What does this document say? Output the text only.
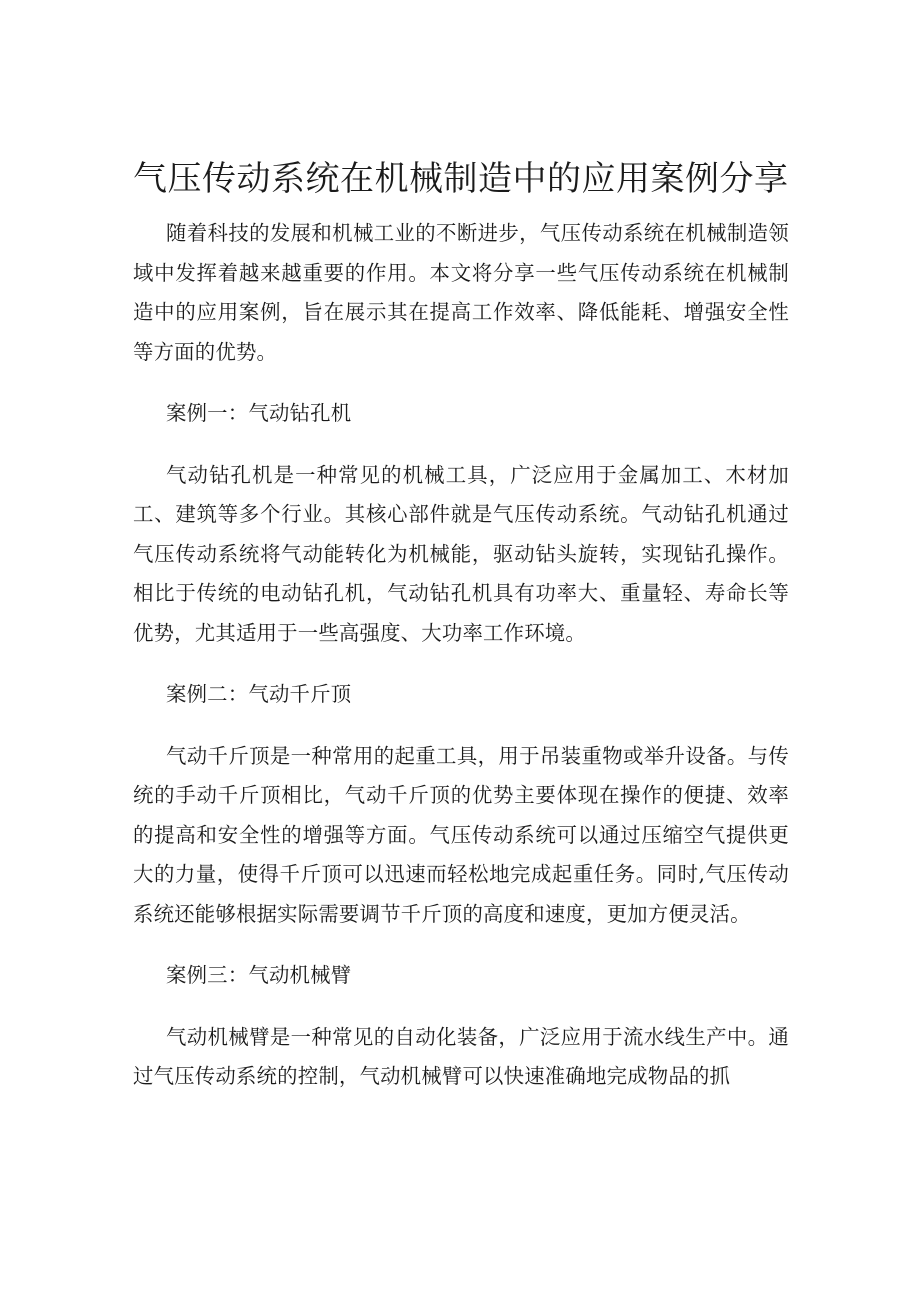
气压传动系统在机械制造中的应用案例分享

随着科技的发展和机械工业的不断进步，气压传动系统在机械制造领域中发挥着越来越重要的作用。本文将分享一些气压传动系统在机械制造中的应用案例，旨在展示其在提高工作效率、降低能耗、增强安全性等方面的优势。

案例一：气动钻孔机

气动钻孔机是一种常见的机械工具，广泛应用于金属加工、木材加工、建筑等多个行业。其核心部件就是气压传动系统。气动钻孔机通过气压传动系统将气动能转化为机械能，驱动钻头旋转，实现钻孔操作。相比于传统的电动钻孔机，气动钻孔机具有功率大、重量轻、寿命长等优势，尤其适用于一些高强度、大功率工作环境。

案例二：气动千斤顶

气动千斤顶是一种常用的起重工具，用于吊装重物或举升设备。与传统的手动千斤顶相比，气动千斤顶的优势主要体现在操作的便捷、效率的提高和安全性的增强等方面。气压传动系统可以通过压缩空气提供更大的力量，使得千斤顶可以迅速而轻松地完成起重任务。同时,气压传动系统还能够根据实际需要调节千斤顶的高度和速度，更加方便灵活。

案例三：气动机械臂

气动机械臂是一种常见的自动化装备，广泛应用于流水线生产中。通过气压传动系统的控制，气动机械臂可以快速准确地完成物品的抓
